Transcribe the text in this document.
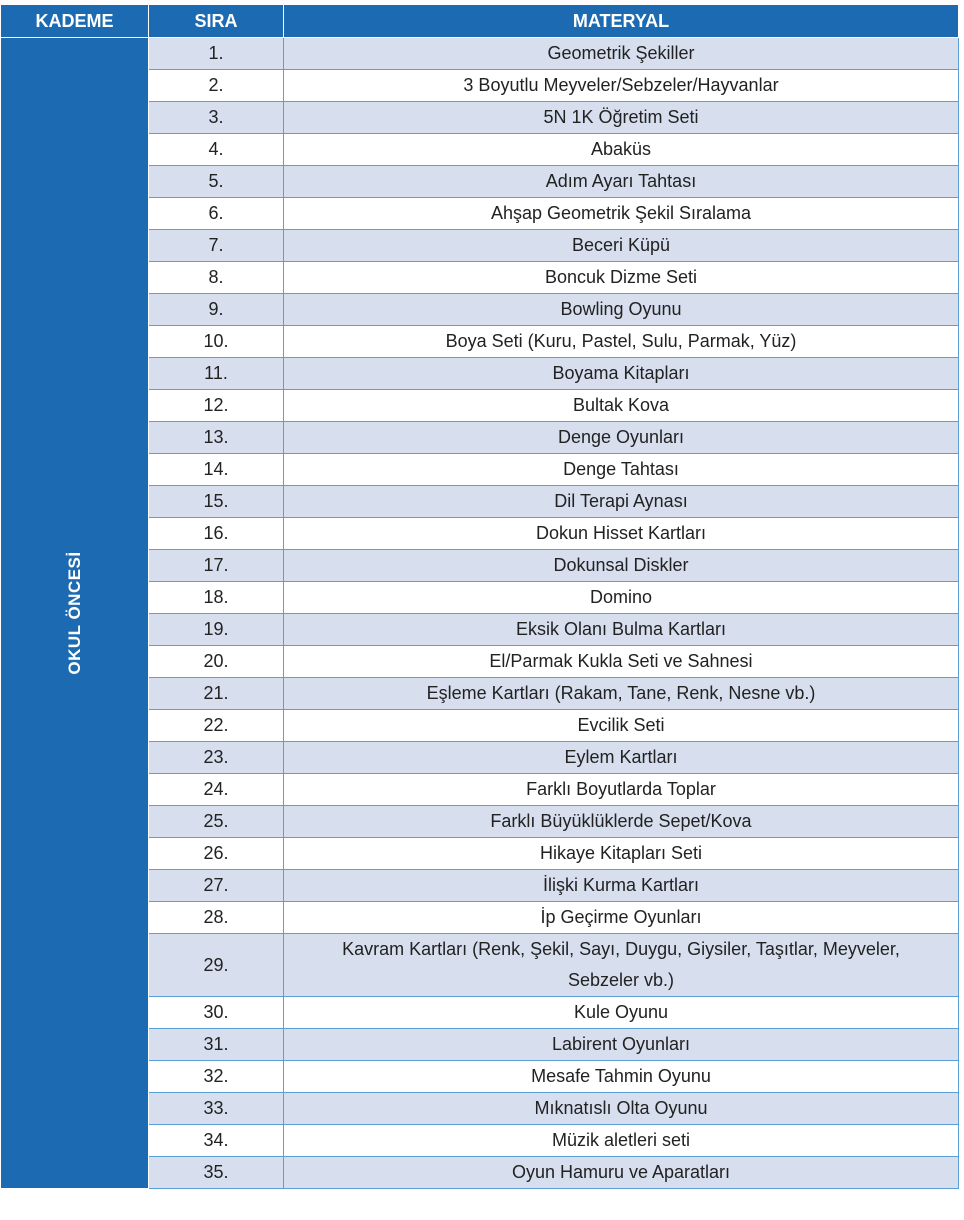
KADEME	SIRA	MATERYAL

OKUL ÖNCESİ	1.	Geometrik Şekiller
	2.	3 Boyutlu Meyveler/Sebzeler/Hayvanlar
	3.	5N 1K Öğretim Seti
	4.	Abaküs
	5.	Adım Ayarı Tahtası
	6.	Ahşap Geometrik Şekil Sıralama
	7.	Beceri Küpü
	8.	Boncuk Dizme Seti
	9.	Bowling Oyunu
	10.	Boya Seti (Kuru, Pastel, Sulu, Parmak, Yüz)
	11.	Boyama Kitapları
	12.	Bultak Kova
	13.	Denge Oyunları
	14.	Denge Tahtası
	15.	Dil Terapi Aynası
	16.	Dokun Hisset Kartları
	17.	Dokunsal Diskler
	18.	Domino
	19.	Eksik Olanı Bulma Kartları
	20.	El/Parmak Kukla Seti ve Sahnesi
	21.	Eşleme Kartları (Rakam, Tane, Renk, Nesne vb.)
	22.	Evcilik Seti
	23.	Eylem Kartları
	24.	Farklı Boyutlarda Toplar
	25.	Farklı Büyüklüklerde Sepet/Kova
	26.	Hikaye Kitapları Seti
	27.	İlişki Kurma Kartları
	28.	İp Geçirme Oyunları
	29.	Kavram Kartları (Renk, Şekil, Sayı, Duygu, Giysiler, Taşıtlar, Meyveler, Sebzeler vb.)
	30.	Kule Oyunu
	31.	Labirent Oyunları
	32.	Mesafe Tahmin Oyunu
	33.	Mıknatıslı Olta Oyunu
	34.	Müzik aletleri seti
	35.	Oyun Hamuru ve Aparatları
